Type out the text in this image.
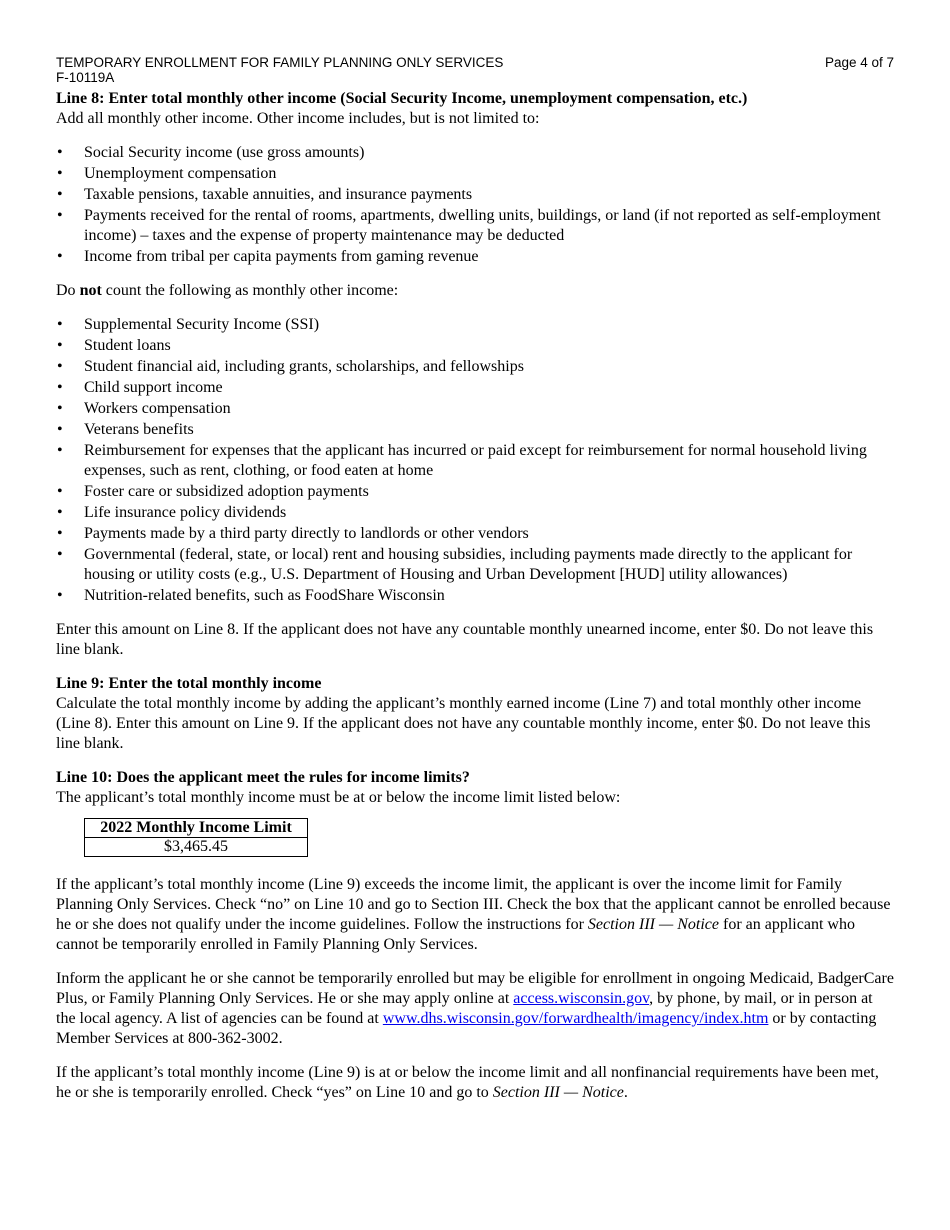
TEMPORARY ENROLLMENT FOR FAMILY PLANNING ONLY SERVICES	Page 4 of 7
F-10119A

Line 8: Enter total monthly other income (Social Security Income, unemployment compensation, etc.)

Add all monthly other income. Other income includes, but is not limited to:

• Social Security income (use gross amounts)
• Unemployment compensation
• Taxable pensions, taxable annuities, and insurance payments
• Payments received for the rental of rooms, apartments, dwelling units, buildings, or land (if not reported as self-employment income) – taxes and the expense of property maintenance may be deducted
• Income from tribal per capita payments from gaming revenue

Do not count the following as monthly other income:

• Supplemental Security Income (SSI)
• Student loans
• Student financial aid, including grants, scholarships, and fellowships
• Child support income
• Workers compensation
• Veterans benefits
• Reimbursement for expenses that the applicant has incurred or paid except for reimbursement for normal household living expenses, such as rent, clothing, or food eaten at home
• Foster care or subsidized adoption payments
• Life insurance policy dividends
• Payments made by a third party directly to landlords or other vendors
• Governmental (federal, state, or local) rent and housing subsidies, including payments made directly to the applicant for housing or utility costs (e.g., U.S. Department of Housing and Urban Development [HUD] utility allowances)
• Nutrition-related benefits, such as FoodShare Wisconsin

Enter this amount on Line 8. If the applicant does not have any countable monthly unearned income, enter $0. Do not leave this line blank.

Line 9: Enter the total monthly income

Calculate the total monthly income by adding the applicant’s monthly earned income (Line 7) and total monthly other income (Line 8). Enter this amount on Line 9. If the applicant does not have any countable monthly income, enter $0. Do not leave this line blank.

Line 10: Does the applicant meet the rules for income limits?

The applicant’s total monthly income must be at or below the income limit listed below:

2022 Monthly Income Limit
$3,465.45

If the applicant’s total monthly income (Line 9) exceeds the income limit, the applicant is over the income limit for Family Planning Only Services. Check “no” on Line 10 and go to Section III. Check the box that the applicant cannot be enrolled because he or she does not qualify under the income guidelines. Follow the instructions for Section III — Notice for an applicant who cannot be temporarily enrolled in Family Planning Only Services.

Inform the applicant he or she cannot be temporarily enrolled but may be eligible for enrollment in ongoing Medicaid, BadgerCare Plus, or Family Planning Only Services. He or she may apply online at access.wisconsin.gov, by phone, by mail, or in person at the local agency. A list of agencies can be found at www.dhs.wisconsin.gov/forwardhealth/imagency/index.htm or by contacting Member Services at 800-362-3002.

If the applicant’s total monthly income (Line 9) is at or below the income limit and all nonfinancial requirements have been met, he or she is temporarily enrolled. Check “yes” on Line 10 and go to Section III — Notice.
